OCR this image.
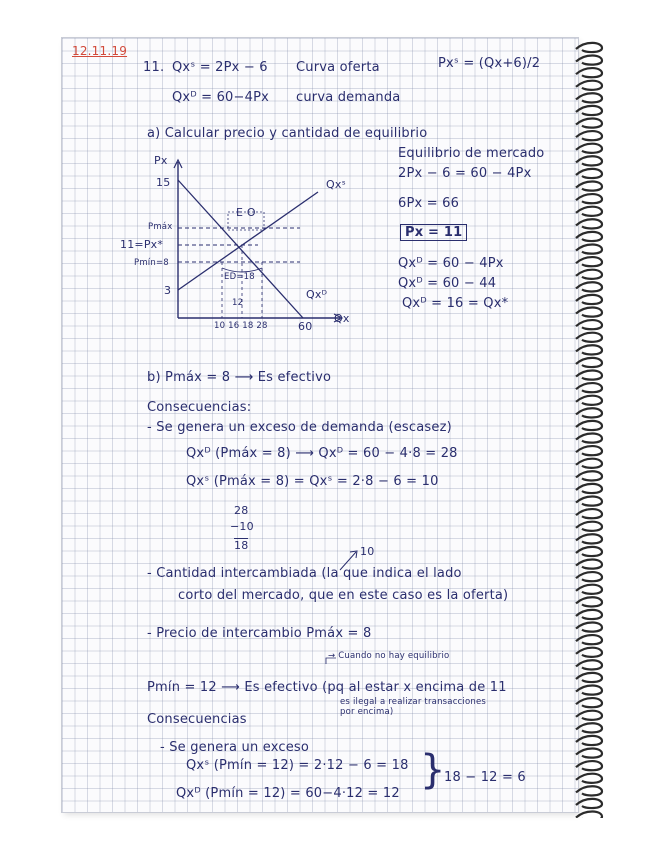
12.11.19
11. Qxˢ = 2Px − 6 Curva oferta	Pxˢ = (Qx+6)/2
Qxᴰ = 60−4Px curva demanda
a) Calcular precio y cantidad de equilibrio
Equilibrio de mercado
2Px − 6 = 60 − 4Px
6Px = 66
Px = 11
Qxᴰ = 60 − 4Px
Qxᴰ = 60 − 44
Qxᴰ = 16 = Qx*
Px
15
Pmáx
11=Px*
Pmín=8
3
Qxˢ
Qxᴰ
E O
ED=18
12
10 16 18 28	60
Qx
b) Pmáx = 8 ⟶ Es efectivo
Consecuencias:
- Se genera un exceso de demanda (escasez)
Qxᴰ (Pmáx = 8) ⟶ Qxᴰ = 60 − 4·8 = 28
Qxˢ (Pmáx = 8) = Qxˢ = 2·8 − 6 = 10
28
−10
18	10
- Cantidad intercambiada (la que indica el lado
corto del mercado, que en este caso es la oferta)
- Precio de intercambio Pmáx = 8
→ Cuando no hay equilibrio
Pmín = 12 ⟶ Es efectivo (pq al estar x encima de 11
es ilegal a realizar transacciones
por encima)
Consecuencias
- Se genera un exceso
Qxˢ (Pmín = 12) = 2·12 − 6 = 18
Qxᴰ (Pmín = 12) = 60−4·12 = 12
}
18 − 12 = 6
